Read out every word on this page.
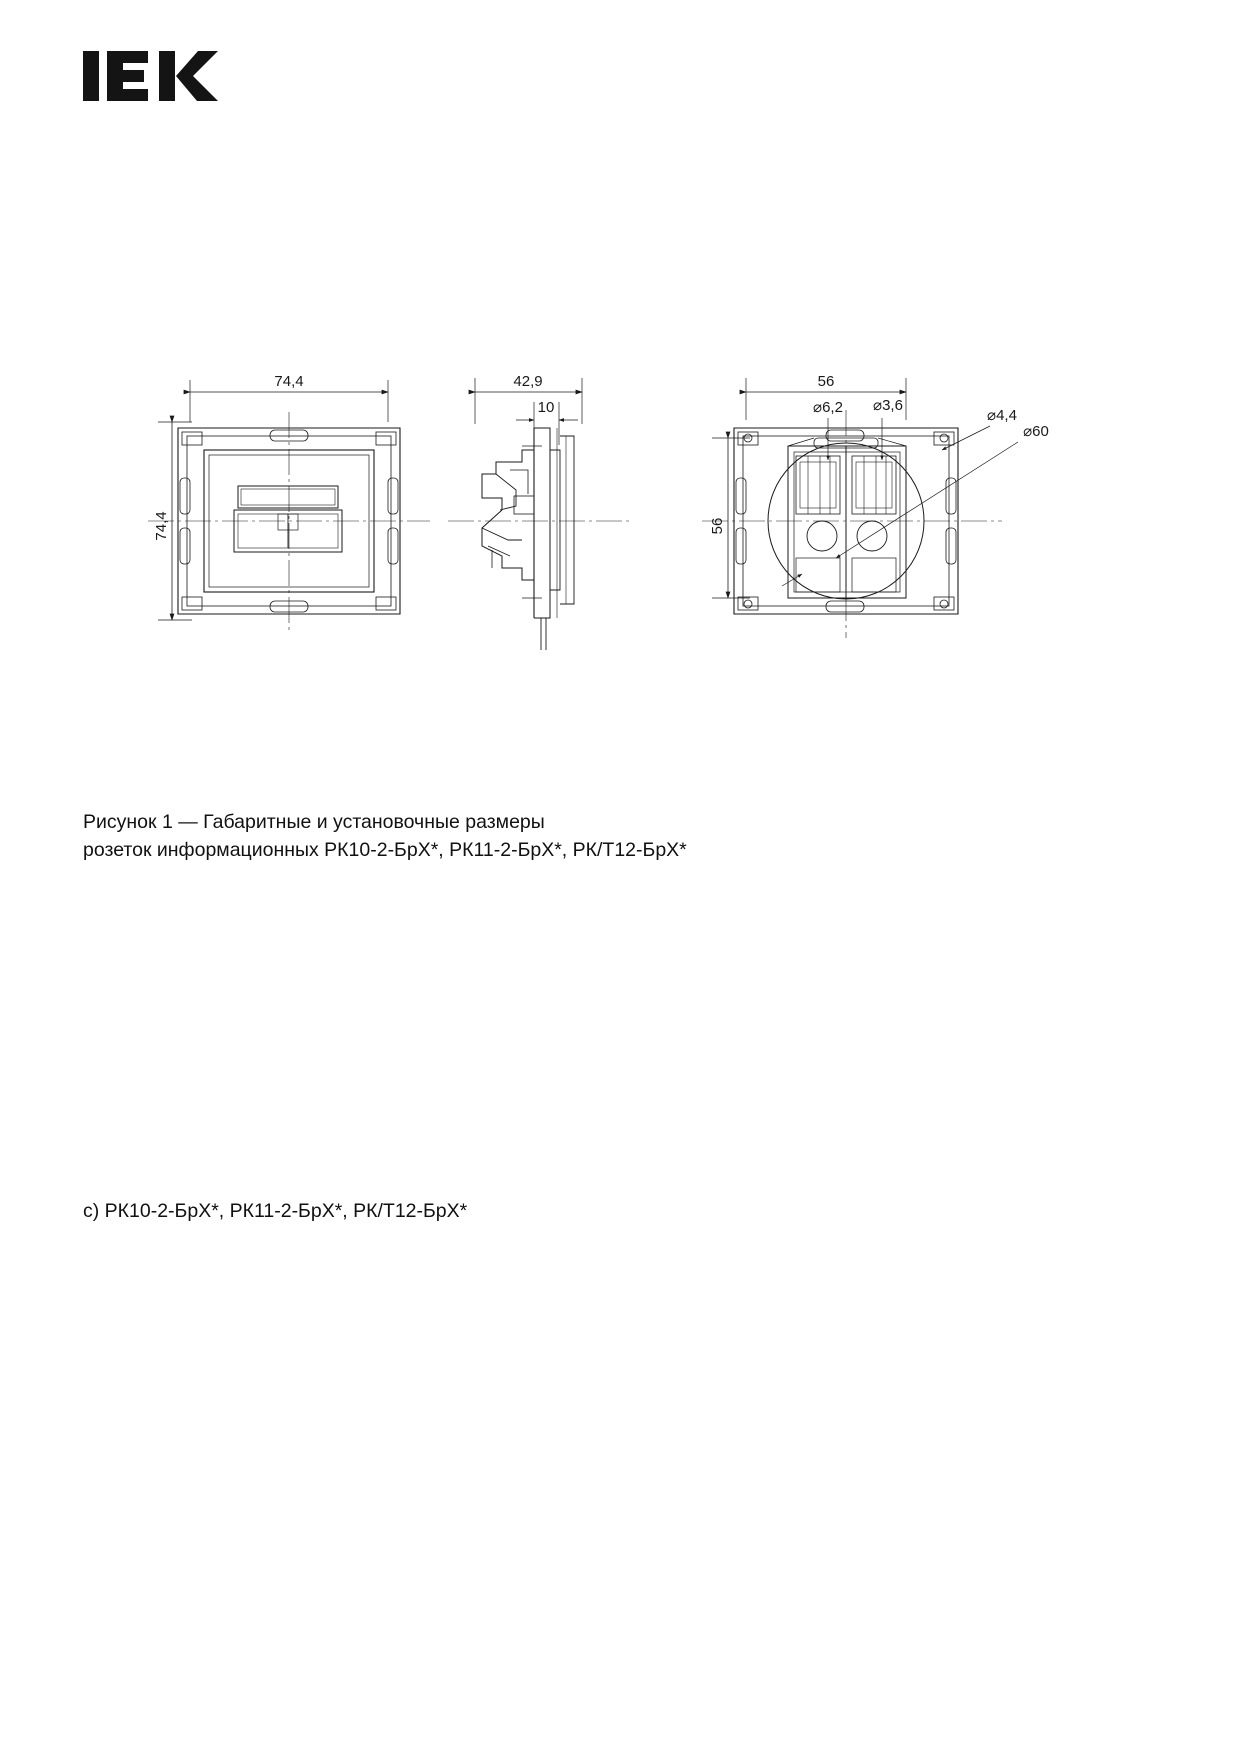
74,4
74,4
42,9
10
56
56
⌀6,2 ⌀3,6
⌀4,4
⌀60
Рисунок 1 — Габаритные и установочные размеры
розеток информационных РК10-2-БрХ*, РК11-2-БрХ*, РК/Т12-БрХ*
с) РК10-2-БрХ*, РК11-2-БрХ*, РК/Т12-БрХ*
